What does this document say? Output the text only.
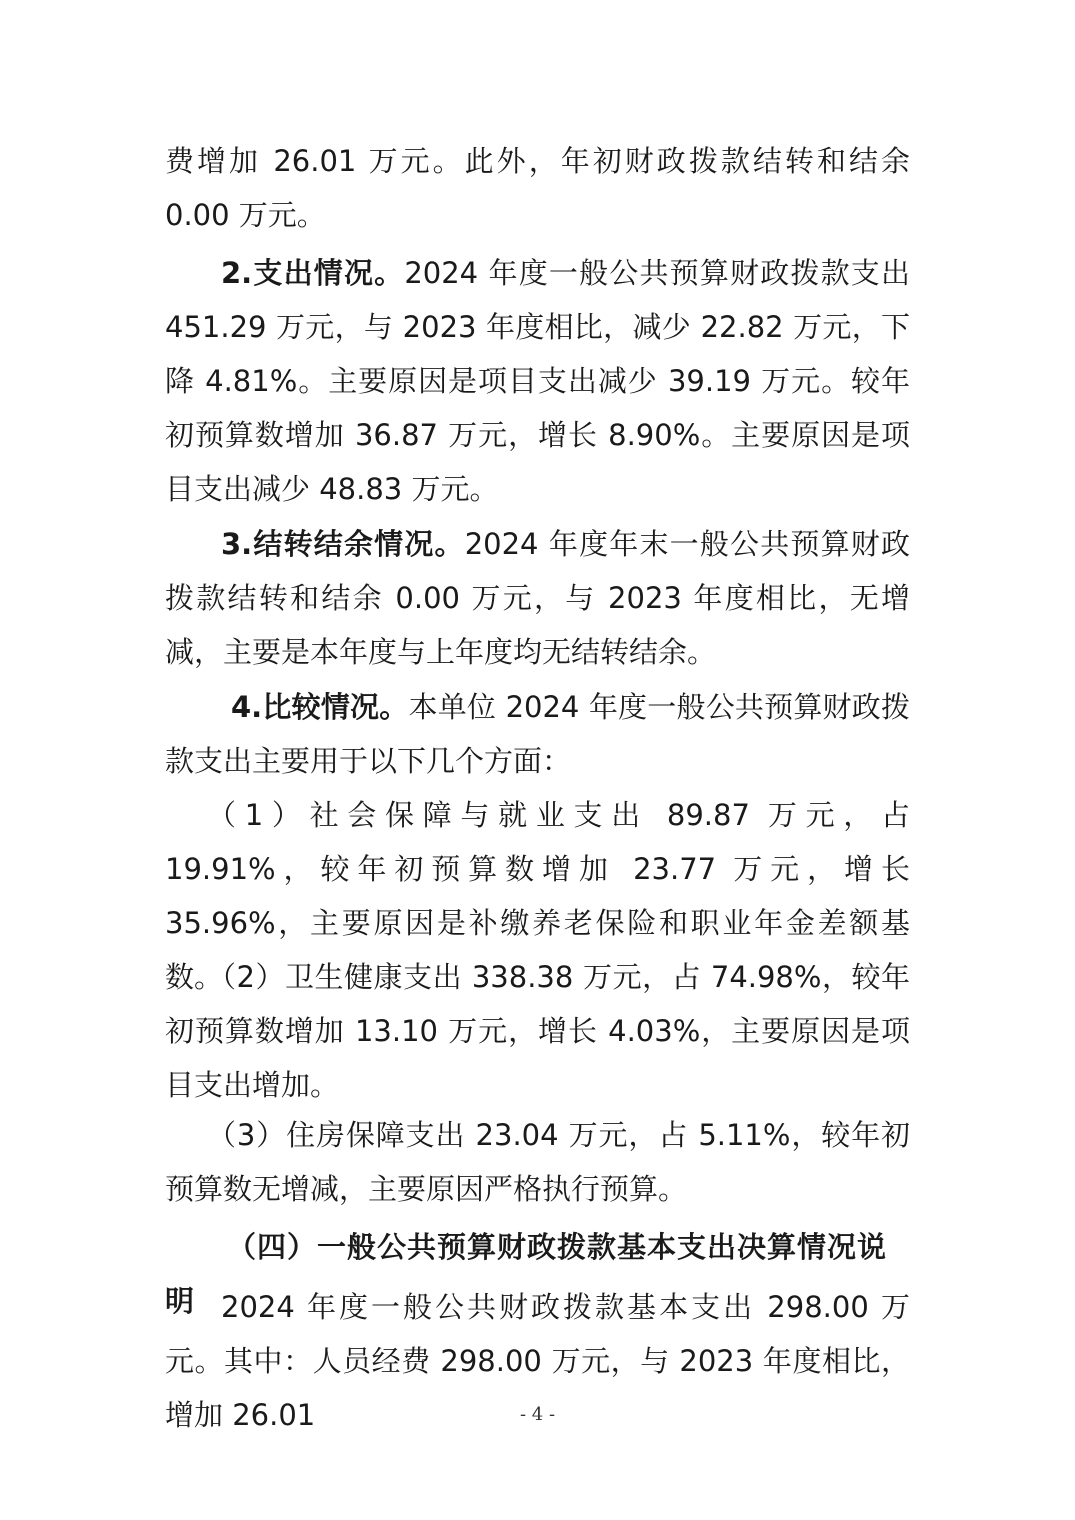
费增加 26.01 万元。此外，年初财政拨款结转和结余 0.00 万元。

2.支出情况。2024 年度一般公共预算财政拨款支出 451.29 万元，与 2023 年度相比，减少 22.82 万元，下降 4.81%。主要原因是项目支出减少 39.19 万元。较年初预算数增加 36.87 万元，增长 8.90%。主要原因是项目支出减少 48.83 万元。

3.结转结余情况。2024 年度年末一般公共预算财政拨款结转和结余 0.00 万元，与 2023 年度相比，无增减，主要是本年度与上年度均无结转结余。

4.比较情况。本单位 2024 年度一般公共预算财政拨款支出主要用于以下几个方面：

（1）社会保障与就业支出 89.87 万元，占 19.91%，较年初预算数增加 23.77 万元，增长 35.96%，主要原因是补缴养老保险和职业年金差额基数。

（2）卫生健康支出 338.38 万元，占 74.98%，较年初预算数增加 13.10 万元，增长 4.03%，主要原因是项目支出增加。

（3）住房保障支出 23.04 万元，占 5.11%，较年初预算数无增减，主要原因严格执行预算。

（四）一般公共预算财政拨款基本支出决算情况说明 2024 年度一般公共财政拨款基本支出 298.00 万元。其中：人员经费 298.00 万元，与 2023 年度相比，增加 26.01	- 4 -
